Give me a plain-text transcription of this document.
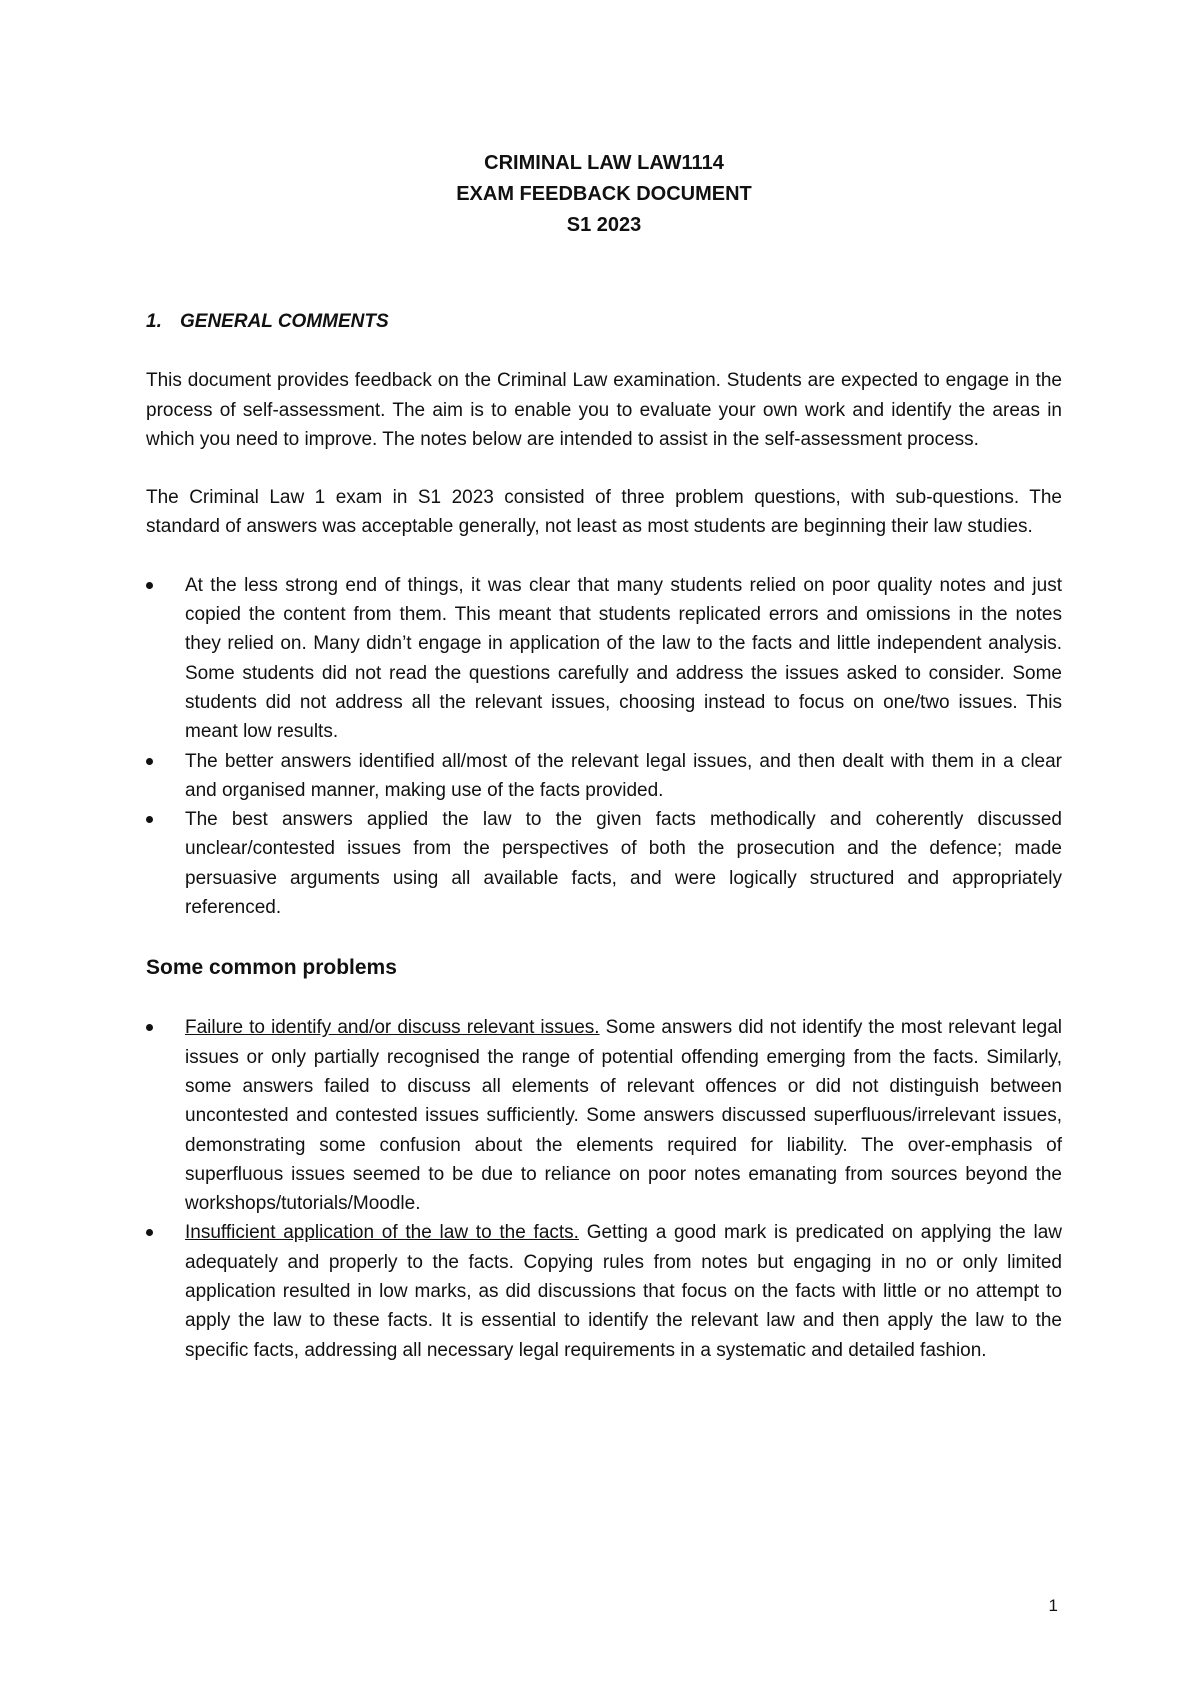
CRIMINAL LAW LAW1114
EXAM FEEDBACK DOCUMENT
S1 2023
1. GENERAL COMMENTS

This document provides feedback on the Criminal Law examination. Students are expected to engage in the process of self-assessment. The aim is to enable you to evaluate your own work and identify the areas in which you need to improve. The notes below are intended to assist in the self-assessment process.

The Criminal Law 1 exam in S1 2023 consisted of three problem questions, with sub-questions. The standard of answers was acceptable generally, not least as most students are beginning their law studies.

At the less strong end of things, it was clear that many students relied on poor quality notes and just copied the content from them. This meant that students replicated errors and omissions in the notes they relied on. Many didn’t engage in application of the law to the facts and little independent analysis. Some students did not read the questions carefully and address the issues asked to consider. Some students did not address all the relevant issues, choosing instead to focus on one/two issues. This meant low results.
The better answers identified all/most of the relevant legal issues, and then dealt with them in a clear and organised manner, making use of the facts provided.
The best answers applied the law to the given facts methodically and coherently discussed unclear/contested issues from the perspectives of both the prosecution and the defence; made persuasive arguments using all available facts, and were logically structured and appropriately referenced.
Some common problems
Failure to identify and/or discuss relevant issues. Some answers did not identify the most relevant legal issues or only partially recognised the range of potential offending emerging from the facts. Similarly, some answers failed to discuss all elements of relevant offences or did not distinguish between uncontested and contested issues sufficiently. Some answers discussed superfluous/irrelevant issues, demonstrating some confusion about the elements required for liability. The over-emphasis of superfluous issues seemed to be due to reliance on poor notes emanating from sources beyond the workshops/tutorials/Moodle.
Insufficient application of the law to the facts. Getting a good mark is predicated on applying the law adequately and properly to the facts. Copying rules from notes but engaging in no or only limited application resulted in low marks, as did discussions that focus on the facts with little or no attempt to apply the law to these facts. It is essential to identify the relevant law and then apply the law to the specific facts, addressing all necessary legal requirements in a systematic and detailed fashion.
1
